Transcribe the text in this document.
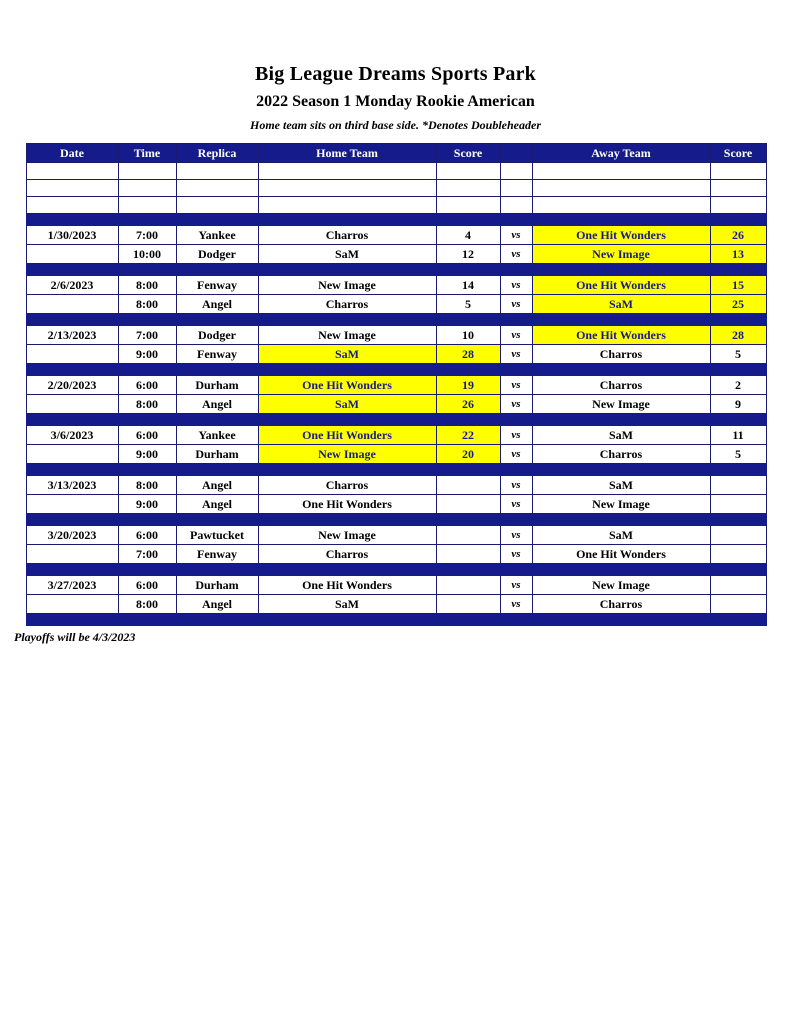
Big League Dreams Sports Park
2022 Season 1 Monday Rookie American
Home team sits on third base side. *Denotes Doubleheader
Date	Time	Replica	Home Team	Score		Away Team	Score

1/30/2023	7:00	Yankee	Charros	4	vs	One Hit Wonders	26
	10:00	Dodger	SaM	12	vs	New Image	13

2/6/2023	8:00	Fenway	New Image	14	vs	One Hit Wonders	15
	8:00	Angel	Charros	5	vs	SaM	25

2/13/2023	7:00	Dodger	New Image	10	vs	One Hit Wonders	28
	9:00	Fenway	SaM	28	vs	Charros	5

2/20/2023	6:00	Durham	One Hit Wonders	19	vs	Charros	2
	8:00	Angel	SaM	26	vs	New Image	9

3/6/2023	6:00	Yankee	One Hit Wonders	22	vs	SaM	11
	9:00	Durham	New Image	20	vs	Charros	5

3/13/2023	8:00	Angel	Charros		vs	SaM	
	9:00	Angel	One Hit Wonders		vs	New Image	

3/20/2023	6:00	Pawtucket	New Image		vs	SaM	
	7:00	Fenway	Charros		vs	One Hit Wonders	

3/27/2023	6:00	Durham	One Hit Wonders		vs	New Image	
	8:00	Angel	SaM		vs	Charros	

Playoffs will be 4/3/2023
